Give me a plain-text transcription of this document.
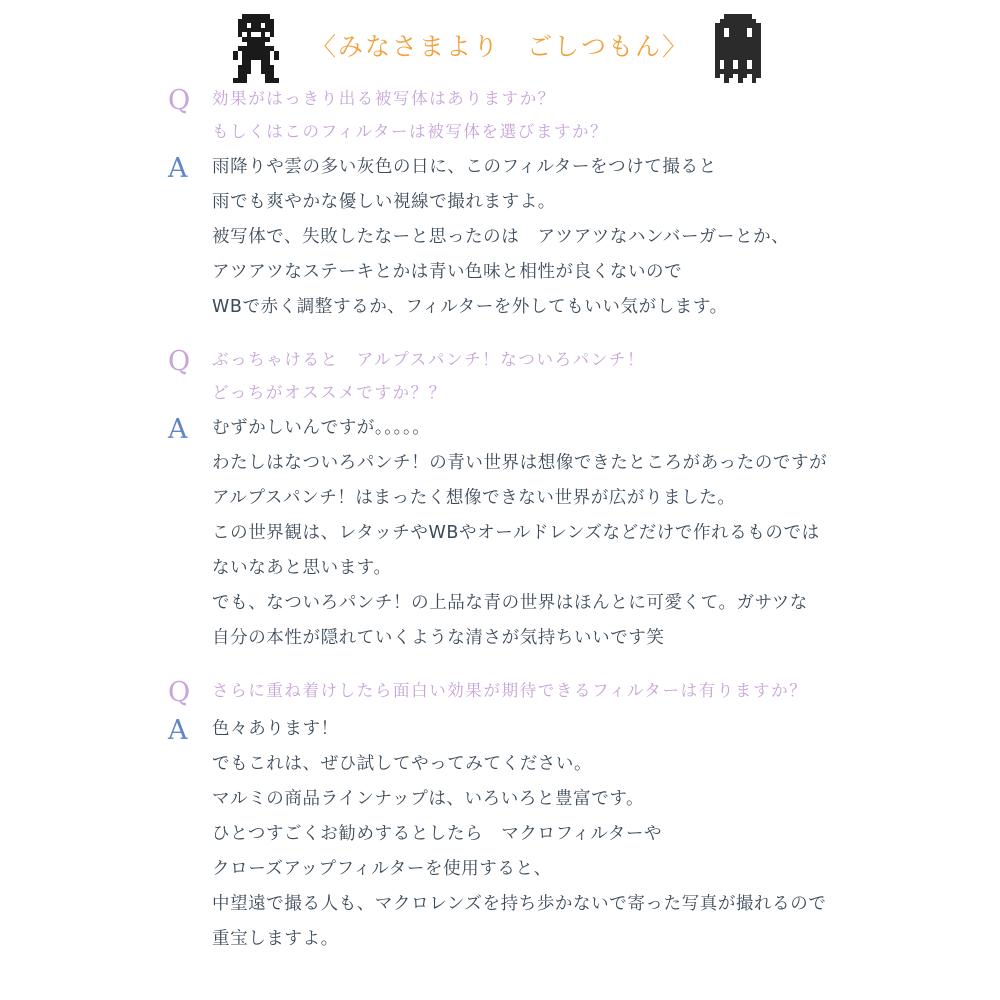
〈みなさまより　ごしつもん〉
Q	効果がはっきり出る被写体はありますか？
もしくはこのフィルターは被写体を選びますか？
A	雨降りや雲の多い灰色の日に、このフィルターをつけて撮ると
雨でも爽やかな優しい視線で撮れますよ。
被写体で、失敗したなーと思ったのは　アツアツなハンバーガーとか、
アツアツなステーキとかは青い色味と相性が良くないので
WBで赤く調整するか、フィルターを外してもいい気がします。
Q	ぶっちゃけると　アルプスパンチ！なついろパンチ！
どっちがオススメですか？？
A	むずかしいんですが。。。。。
わたしはなついろパンチ！の青い世界は想像できたところがあったのですが
アルプスパンチ！はまったく想像できない世界が広がりました。
この世界観は、レタッチやWBやオールドレンズなどだけで作れるものでは
ないなあと思います。
でも、なついろパンチ！の上品な青の世界はほんとに可愛くて。ガサツな
自分の本性が隠れていくような清さが気持ちいいです笑
Q	さらに重ね着けしたら面白い効果が期待できるフィルターは有りますか？
A	色々あります！
でもこれは、ぜひ試してやってみてください。
マルミの商品ラインナップは、いろいろと豊富です。
ひとつすごくお勧めするとしたら　マクロフィルターや
クローズアップフィルターを使用すると、
中望遠で撮る人も、マクロレンズを持ち歩かないで寄った写真が撮れるので
重宝しますよ。
